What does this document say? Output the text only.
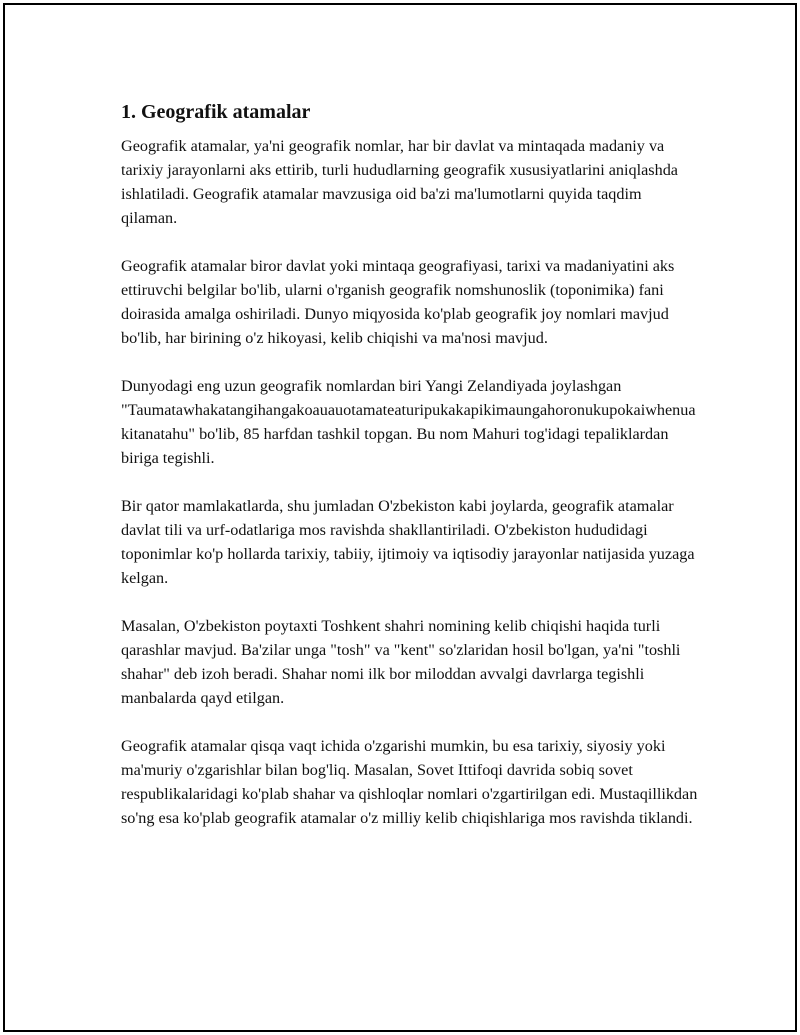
1. Geografik atamalar

Geografik atamalar, ya'ni geografik nomlar, har bir davlat va mintaqada madaniy va tarixiy jarayonlarni aks ettirib, turli hududlarning geografik xususiyatlarini aniqlashda ishlatiladi. Geografik atamalar mavzusiga oid ba'zi ma'lumotlarni quyida taqdim qilaman.

Geografik atamalar biror davlat yoki mintaqa geografiyasi, tarixi va madaniyatini aks ettiruvchi belgilar bo'lib, ularni o'rganish geografik nomshunoslik (toponimika) fani doirasida amalga oshiriladi. Dunyo miqyosida ko'plab geografik joy nomlari mavjud bo'lib, har birining o'z hikoyasi, kelib chiqishi va ma'nosi mavjud.

Dunyodagi eng uzun geografik nomlardan biri Yangi Zelandiyada joylashgan "Taumatawhakatangihangakoauauotamateaturipukakapikimaungahoronukupokaiwhenuakitanatahu" bo'lib, 85 harfdan tashkil topgan. Bu nom Mahuri tog'idagi tepaliklardan biriga tegishli.

Bir qator mamlakatlarda, shu jumladan O'zbekiston kabi joylarda, geografik atamalar davlat tili va urf-odatlariga mos ravishda shakllantiriladi. O'zbekiston hududidagi toponimlar ko'p hollarda tarixiy, tabiiy, ijtimoiy va iqtisodiy jarayonlar natijasida yuzaga kelgan.

Masalan, O'zbekiston poytaxti Toshkent shahri nomining kelib chiqishi haqida turli qarashlar mavjud. Ba'zilar unga "tosh" va "kent" so'zlaridan hosil bo'lgan, ya'ni "toshli shahar" deb izoh beradi. Shahar nomi ilk bor miloddan avvalgi davrlarga tegishli manbalarda qayd etilgan.

Geografik atamalar qisqa vaqt ichida o'zgarishi mumkin, bu esa tarixiy, siyosiy yoki ma'muriy o'zgarishlar bilan bog'liq. Masalan, Sovet Ittifoqi davrida sobiq sovet respublikalaridagi ko'plab shahar va qishloqlar nomlari o'zgartirilgan edi. Mustaqillikdan so'ng esa ko'plab geografik atamalar o'z milliy kelib chiqishlariga mos ravishda tiklandi.
